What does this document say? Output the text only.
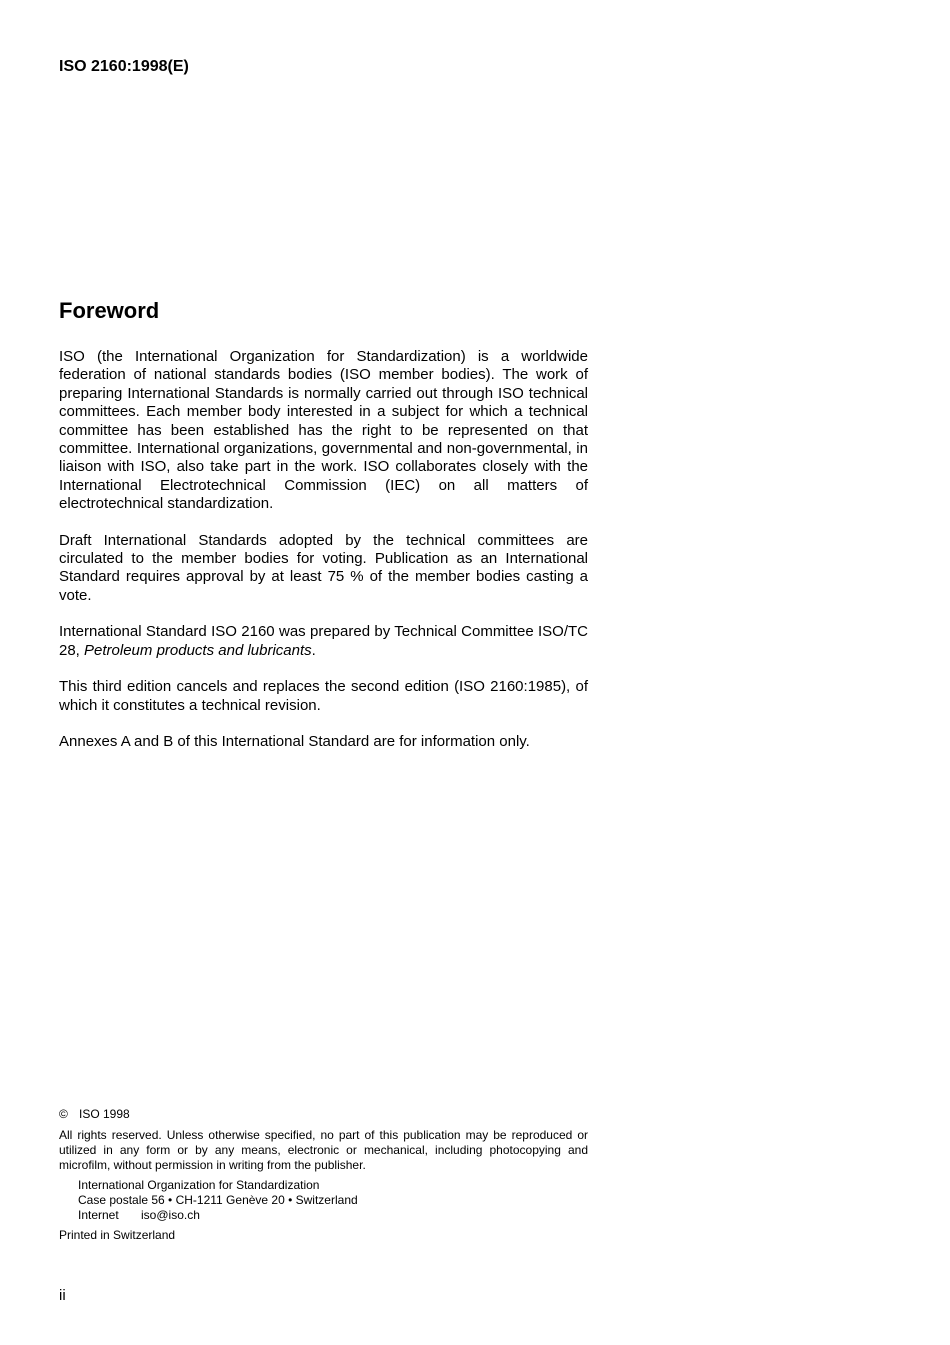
ISO 2160:1998(E)
Foreword

ISO (the International Organization for Standardization) is a worldwide federation of national standards bodies (ISO member bodies). The work of preparing International Standards is normally carried out through ISO technical committees. Each member body interested in a subject for which a technical committee has been established has the right to be represented on that committee. International organizations, governmental and non-governmental, in liaison with ISO, also take part in the work. ISO collaborates closely with the International Electrotechnical Commission (IEC) on all matters of electrotechnical standardization.

Draft International Standards adopted by the technical committees are circulated to the member bodies for voting. Publication as an International Standard requires approval by at least 75 % of the member bodies casting a vote.

International Standard ISO 2160 was prepared by Technical Committee ISO/TC 28, Petroleum products and lubricants.

This third edition cancels and replaces the second edition (ISO 2160:1985), of which it constitutes a technical revision.

Annexes A and B of this International Standard are for information only.

© ISO 1998
All rights reserved. Unless otherwise specified, no part of this publication may be reproduced or utilized in any form or by any means, electronic or mechanical, including photocopying and microfilm, without permission in writing from the publisher.
International Organization for Standardization
Case postale 56 • CH-1211 Genève 20 • Switzerland
Internet iso@iso.ch
Printed in Switzerland
ii
